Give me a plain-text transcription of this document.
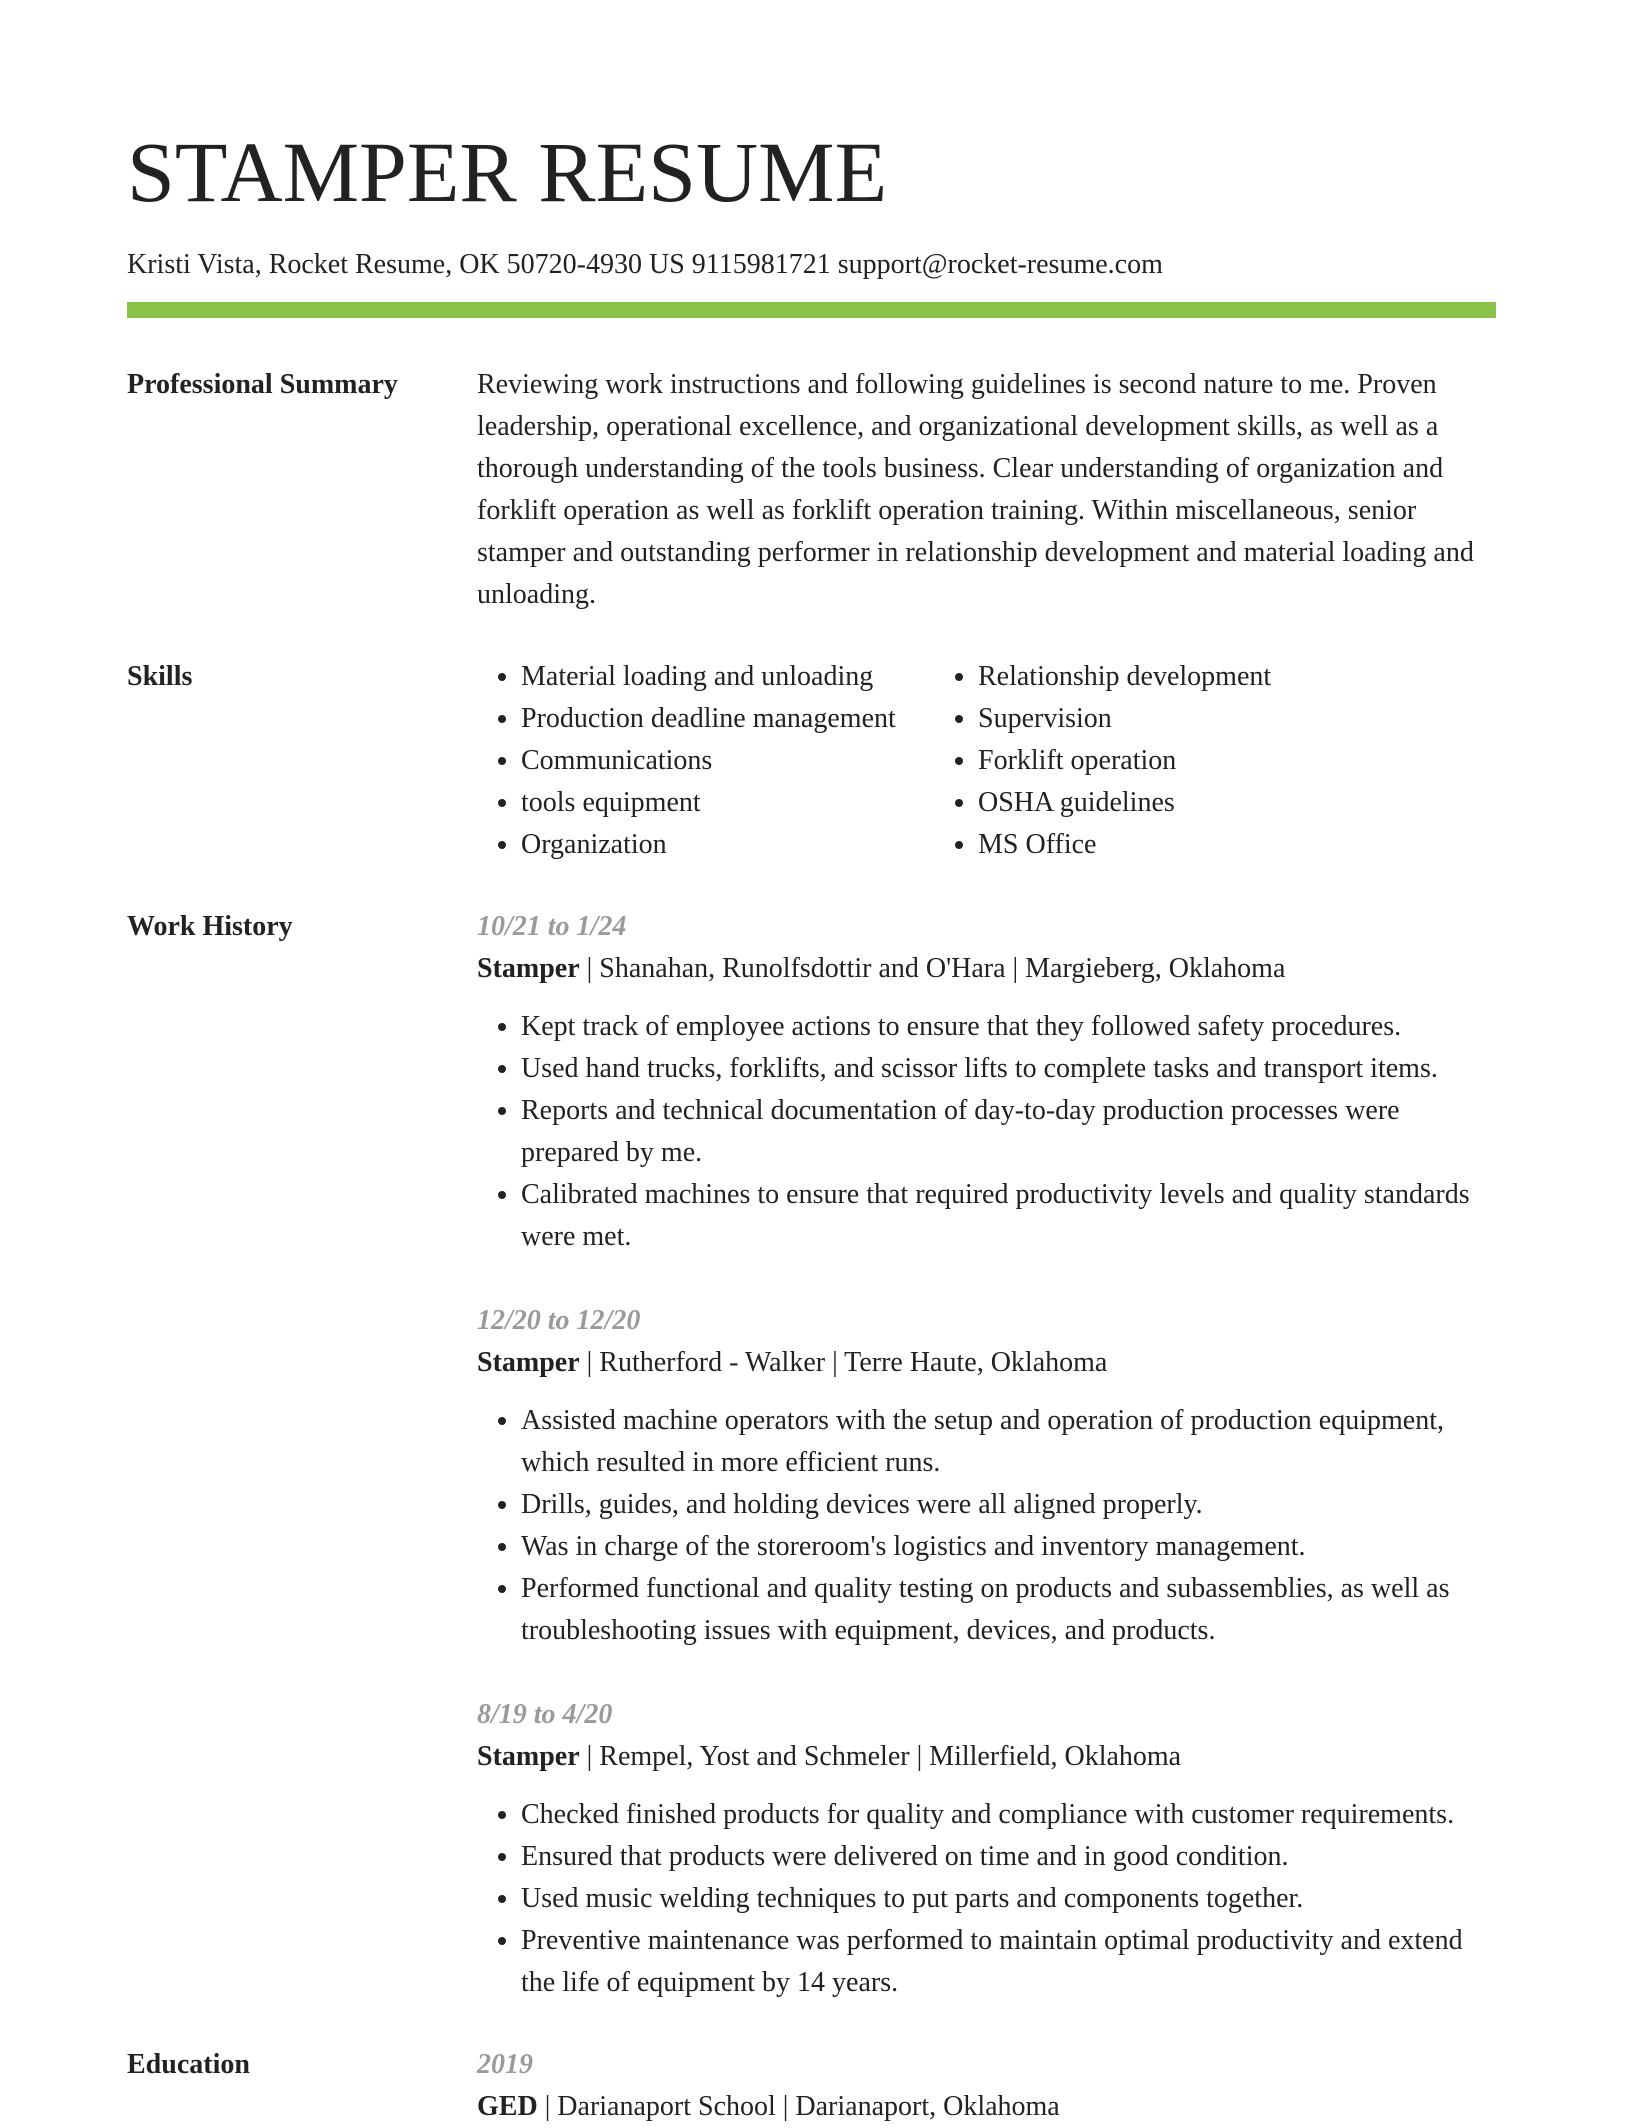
STAMPER RESUME
Kristi Vista, Rocket Resume, OK 50720-4930 US 9115981721 support@rocket-resume.com
Professional Summary	Reviewing work instructions and following guidelines is second nature to me. Proven leadership, operational excellence, and organizational development skills, as well as a thorough understanding of the tools business. Clear understanding of organization and forklift operation as well as forklift operation training. Within miscellaneous, senior stamper and outstanding performer in relationship development and material loading and unloading.

Skills
•	Material loading and unloading
• Production deadline management
• Communications
• tools equipment
• Organization
• Relationship development
• Supervision
• Forklift operation
• OSHA guidelines
• MS Office
Work History	10/21 to 1/24
Stamper | Shanahan, Runolfsdottir and O'Hara | Margieberg, Oklahoma
• Kept track of employee actions to ensure that they followed safety procedures.
• Used hand trucks, forklifts, and scissor lifts to complete tasks and transport items.
• Reports and technical documentation of day-to-day production processes were prepared by me.
• Calibrated machines to ensure that required productivity levels and quality standards were met.
12/20 to 12/20
Stamper | Rutherford - Walker | Terre Haute, Oklahoma
• Assisted machine operators with the setup and operation of production equipment, which resulted in more efficient runs.
• Drills, guides, and holding devices were all aligned properly.
• Was in charge of the storeroom's logistics and inventory management.
• Performed functional and quality testing on products and subassemblies, as well as troubleshooting issues with equipment, devices, and products.
8/19 to 4/20
Stamper | Rempel, Yost and Schmeler | Millerfield, Oklahoma
• Checked finished products for quality and compliance with customer requirements.
• Ensured that products were delivered on time and in good condition.
• Used music welding techniques to put parts and components together.
• Preventive maintenance was performed to maintain optimal productivity and extend the life of equipment by 14 years.
Education	2019
GED | Darianaport School | Darianaport, Oklahoma
